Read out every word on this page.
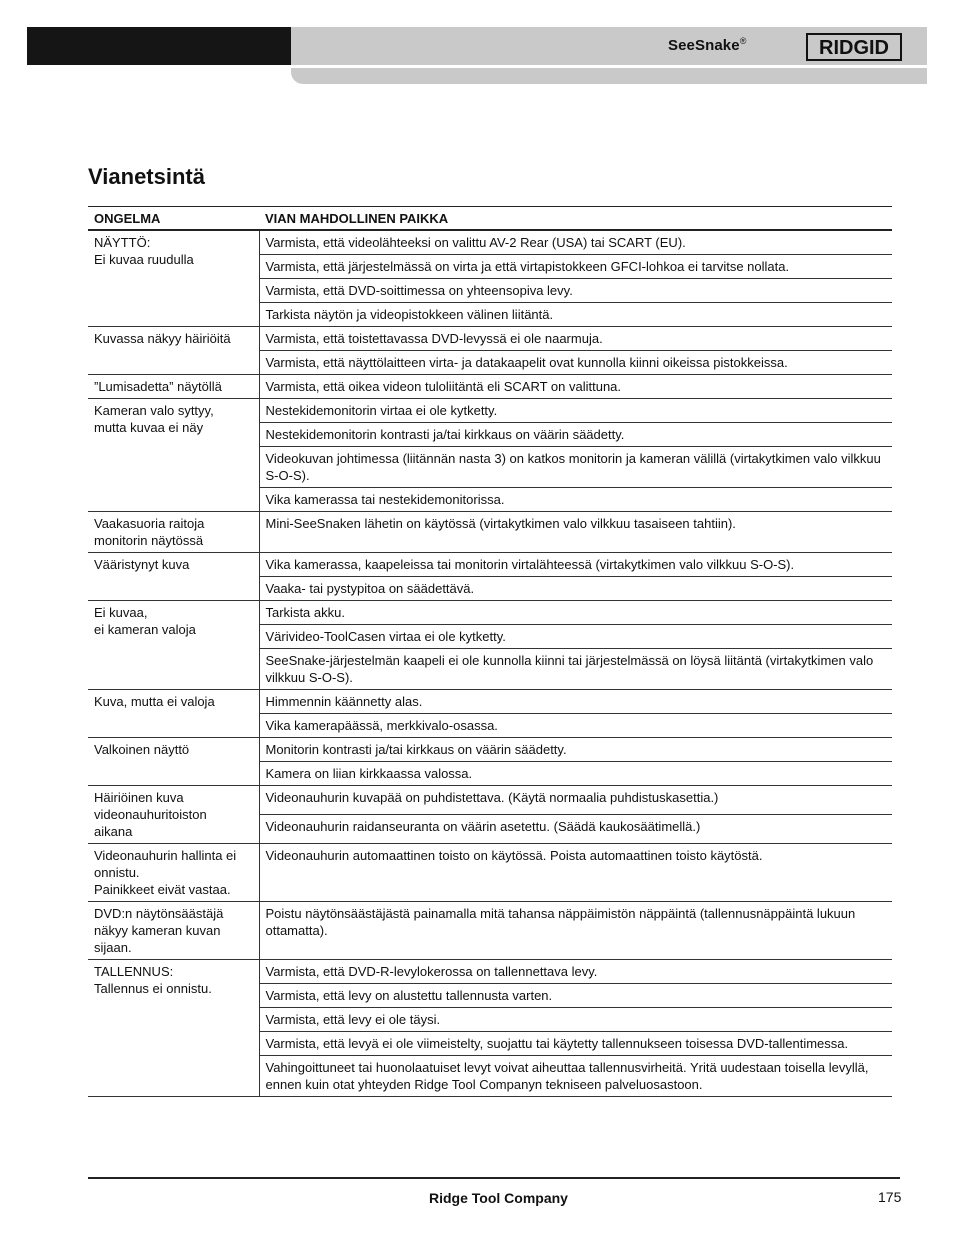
SeeSnake®	RIDGID
Vianetsintä
ONGELMA	VIAN MAHDOLLINEN PAIKKA
NÄYTTÖ:
Ei kuvaa ruudulla	Varmista, että videolähteeksi on valittu AV-2 Rear (USA) tai SCART (EU).
	Varmista, että järjestelmässä on virta ja että virtapistokkeen GFCI-lohkoa ei tarvitse nollata.
	Varmista, että DVD-soittimessa on yhteensopiva levy.
	Tarkista näytön ja videopistokkeen välinen liitäntä.
Kuvassa näkyy häiriöitä	Varmista, että toistettavassa DVD-levyssä ei ole naarmuja.
	Varmista, että näyttölaitteen virta- ja datakaapelit ovat kunnolla kiinni oikeissa pistokkeissa.
”Lumisadetta” näytöllä	Varmista, että oikea videon tuloliitäntä eli SCART on valittuna.
Kameran valo syttyy,
mutta kuvaa ei näy	Nestekidemonitorin virtaa ei ole kytketty.
	Nestekidemonitorin kontrasti ja/tai kirkkaus on väärin säädetty.
	Videokuvan johtimessa (liitännän nasta 3) on katkos monitorin ja kameran välillä (virtakytkimen valo vilkkuu S-O-S).
	Vika kamerassa tai nestekidemonitorissa.
Vaakasuoria raitoja
monitorin näytössä	Mini-SeeSnaken lähetin on käytössä (virtakytkimen valo vilkkuu tasaiseen tahtiin).
Vääristynyt kuva	Vika kamerassa, kaapeleissa tai monitorin virtalähteessä (virtakytkimen valo vilkkuu S-O-S).
	Vaaka- tai pystypitoa on säädettävä.
Ei kuvaa,
ei kameran valoja	Tarkista akku.
	Värivideo-ToolCasen virtaa ei ole kytketty.
	SeeSnake-järjestelmän kaapeli ei ole kunnolla kiinni tai järjestelmässä on löysä liitäntä (virtakytkimen valo vilkkuu S-O-S).
Kuva, mutta ei valoja	Himmennin käännetty alas.
	Vika kamerapäässä, merkkivalo-osassa.
Valkoinen näyttö	Monitorin kontrasti ja/tai kirkkaus on väärin säädetty.
	Kamera on liian kirkkaassa valossa.
Häiriöinen kuva
videonauhuritoiston
aikana	Videonauhurin kuvapää on puhdistettava. (Käytä normaalia puhdistuskasettia.)
	Videonauhurin raidanseuranta on väärin asetettu. (Säädä kaukosäätimellä.)
Videonauhurin hallinta ei
onnistu.
Painikkeet eivät vastaa.	Videonauhurin automaattinen toisto on käytössä. Poista automaattinen toisto käytöstä.
DVD:n näytönsäästäjä
näkyy kameran kuvan
sijaan.	Poistu näytönsäästäjästä painamalla mitä tahansa näppäimistön näppäintä (tallennusnäppäintä lukuun ottamatta).
TALLENNUS:
Tallennus ei onnistu.	Varmista, että DVD-R-levylokerossa on tallennettava levy.
	Varmista, että levy on alustettu tallennusta varten.
	Varmista, että levy ei ole täysi.
	Varmista, että levyä ei ole viimeistelty, suojattu tai käytetty tallennukseen toisessa DVD-tallentimessa.
	Vahingoittuneet tai huonolaatuiset levyt voivat aiheuttaa tallennusvirheitä. Yritä uudestaan toisella levyllä, ennen kuin otat yhteyden Ridge Tool Companyn tekniseen palveluosastoon.
Ridge Tool Company	175
